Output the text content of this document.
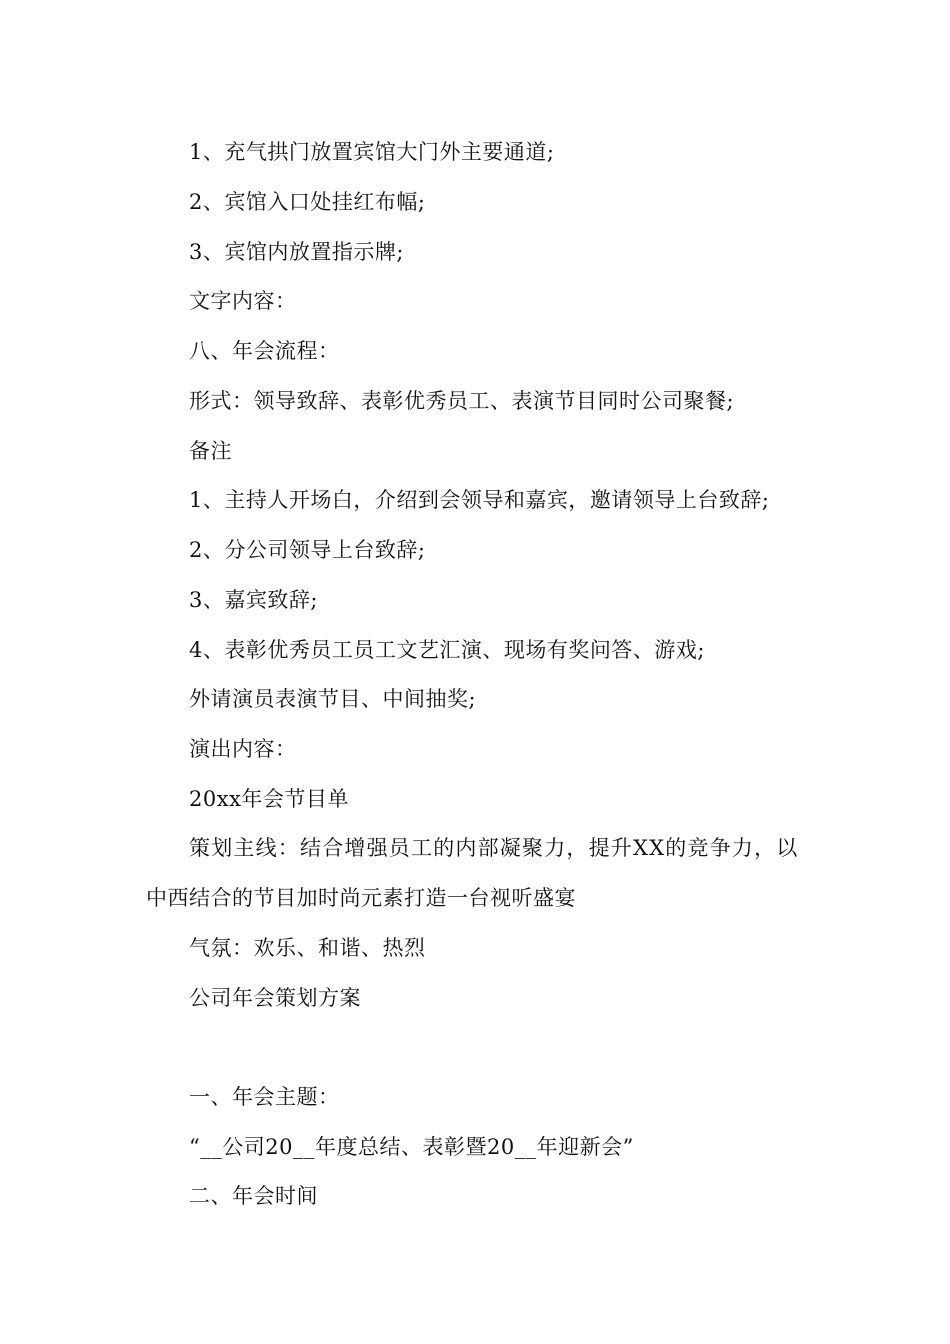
1、充气拱门放置宾馆大门外主要通道;
2、宾馆入口处挂红布幅;
3、宾馆内放置指示牌;
文字内容：
八、年会流程：
形式：领导致辞、表彰优秀员工、表演节目同时公司聚餐;
备注
1、主持人开场白，介绍到会领导和嘉宾，邀请领导上台致辞;
2、分公司领导上台致辞;
3、嘉宾致辞;
4、表彰优秀员工员工文艺汇演、现场有奖问答、游戏;
外请演员表演节目、中间抽奖;
演出内容：
20xx年会节目单
策划主线：结合增强员工的内部凝聚力，提升XX的竞争力，以
中西结合的节目加时尚元素打造一台视听盛宴
气氛：欢乐、和谐、热烈
公司年会策划方案
一、年会主题：
“__公司20__年度总结、表彰暨20__年迎新会”
二、年会时间
